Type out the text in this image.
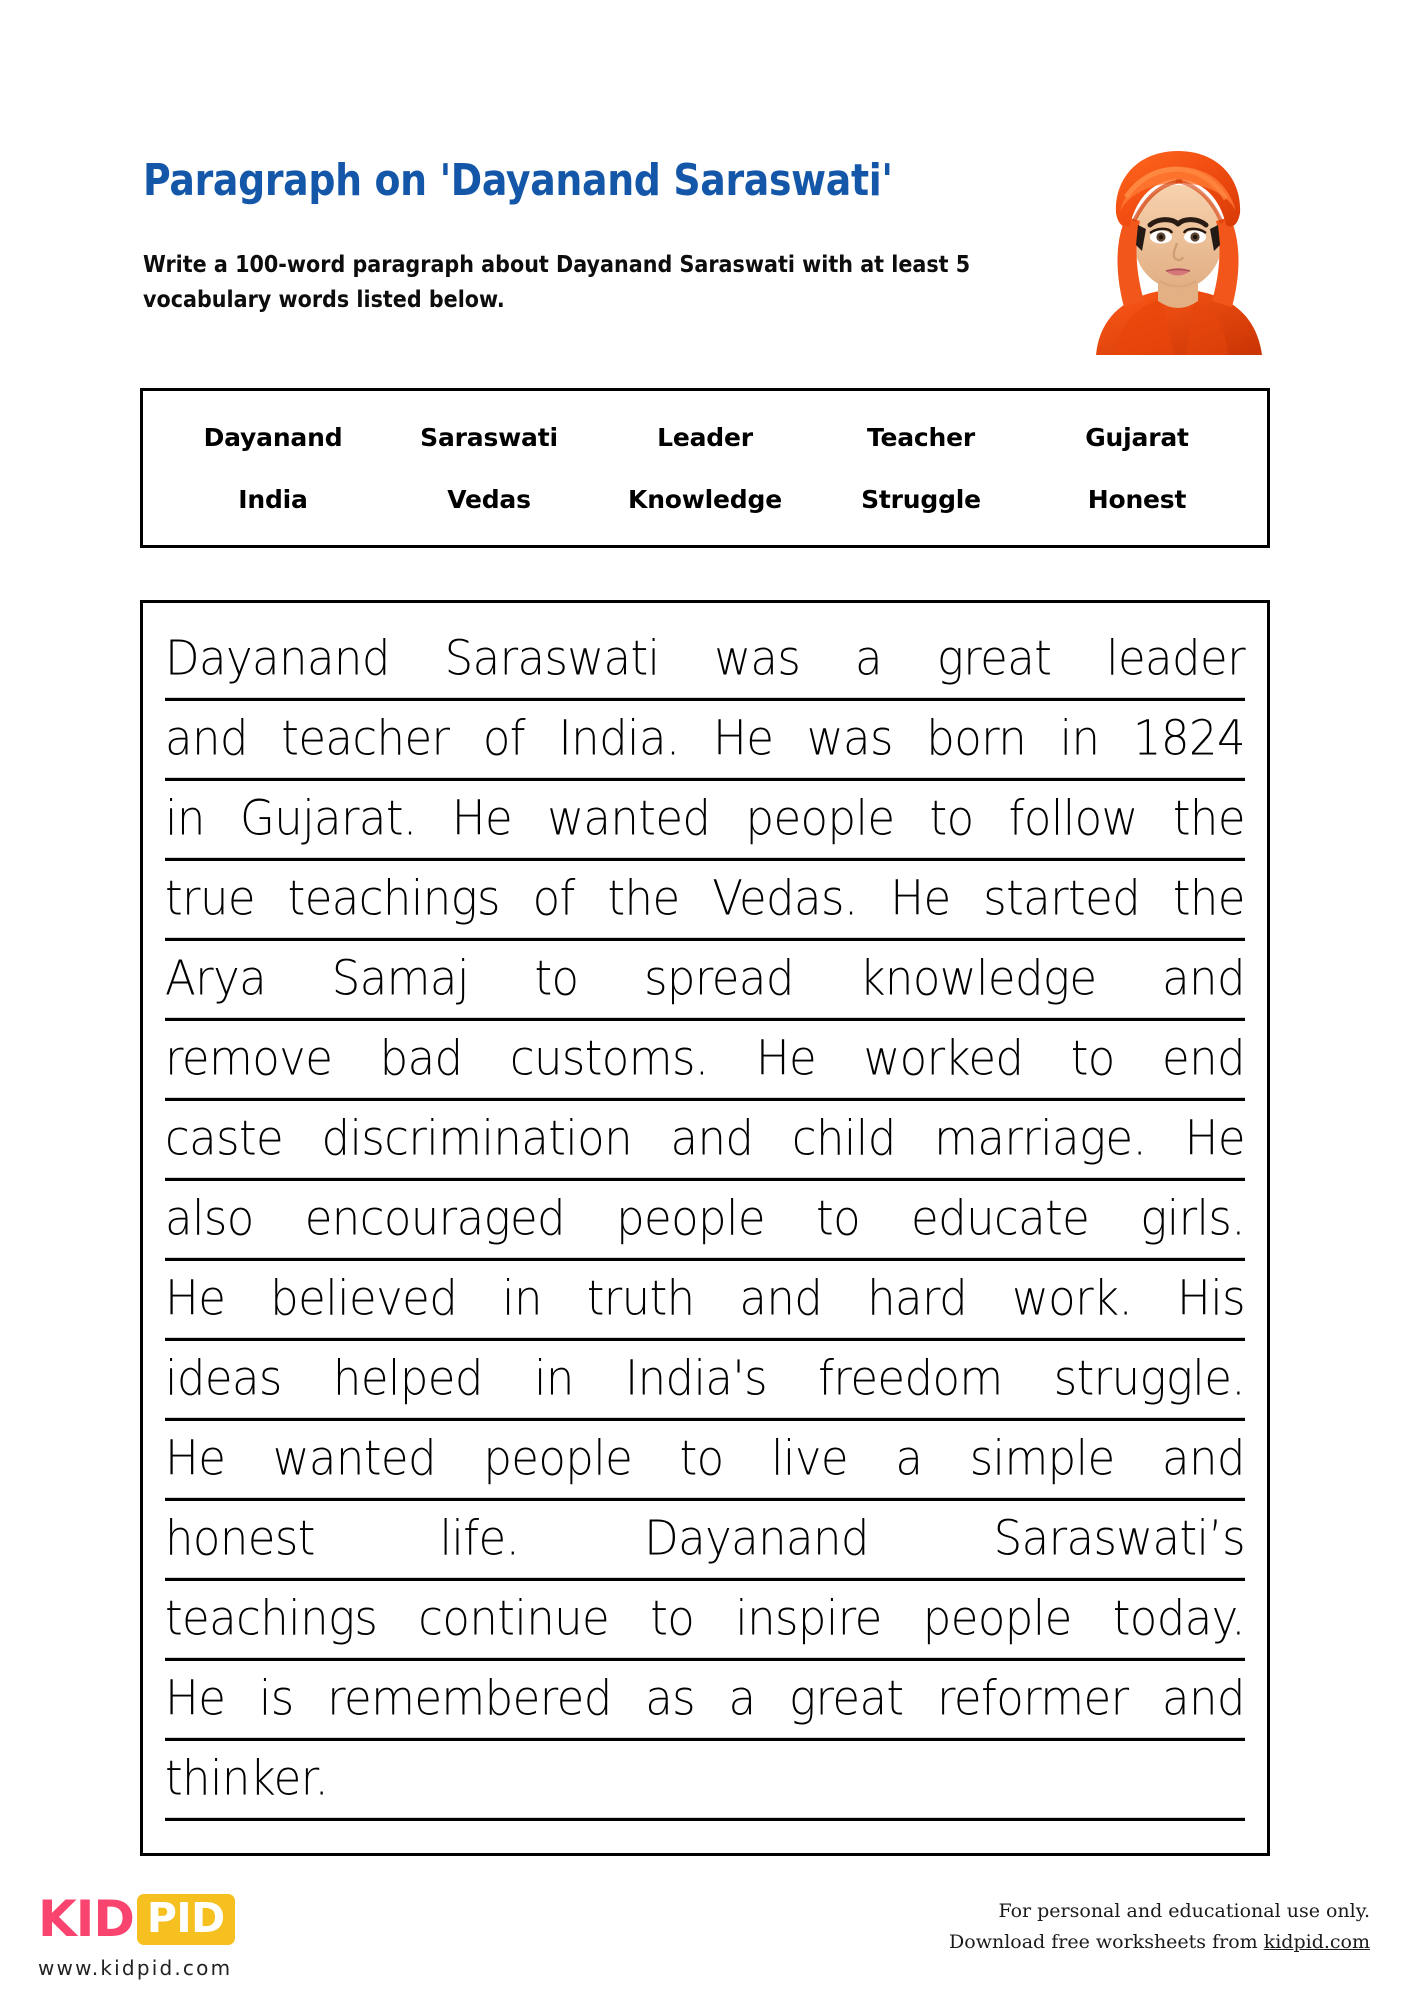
Paragraph on 'Dayanand Saraswati'
Write a 100-word paragraph about Dayanand Saraswati with at least 5 vocabulary words listed below.
Dayanand	Saraswati	Leader	Teacher	Gujarat
India	Vedas	Knowledge	Struggle	Honest
Dayanand Saraswati was a great leader
and teacher of India. He was born in 1824
in Gujarat. He wanted people to follow the
true teachings of the Vedas. He started the
Arya Samaj to spread knowledge and
remove bad customs. He worked to end
caste discrimination and child marriage. He
also encouraged people to educate girls.
He believed in truth and hard work. His
ideas helped in India's freedom struggle.
He wanted people to live a simple and
honest	life.	Dayanand	Saraswati’s
teachings continue to inspire people today.
He is remembered as a great reformer and
thinker.
KID PID
www.kidpid.com
For personal and educational use only.
Download free worksheets from kidpid.com
